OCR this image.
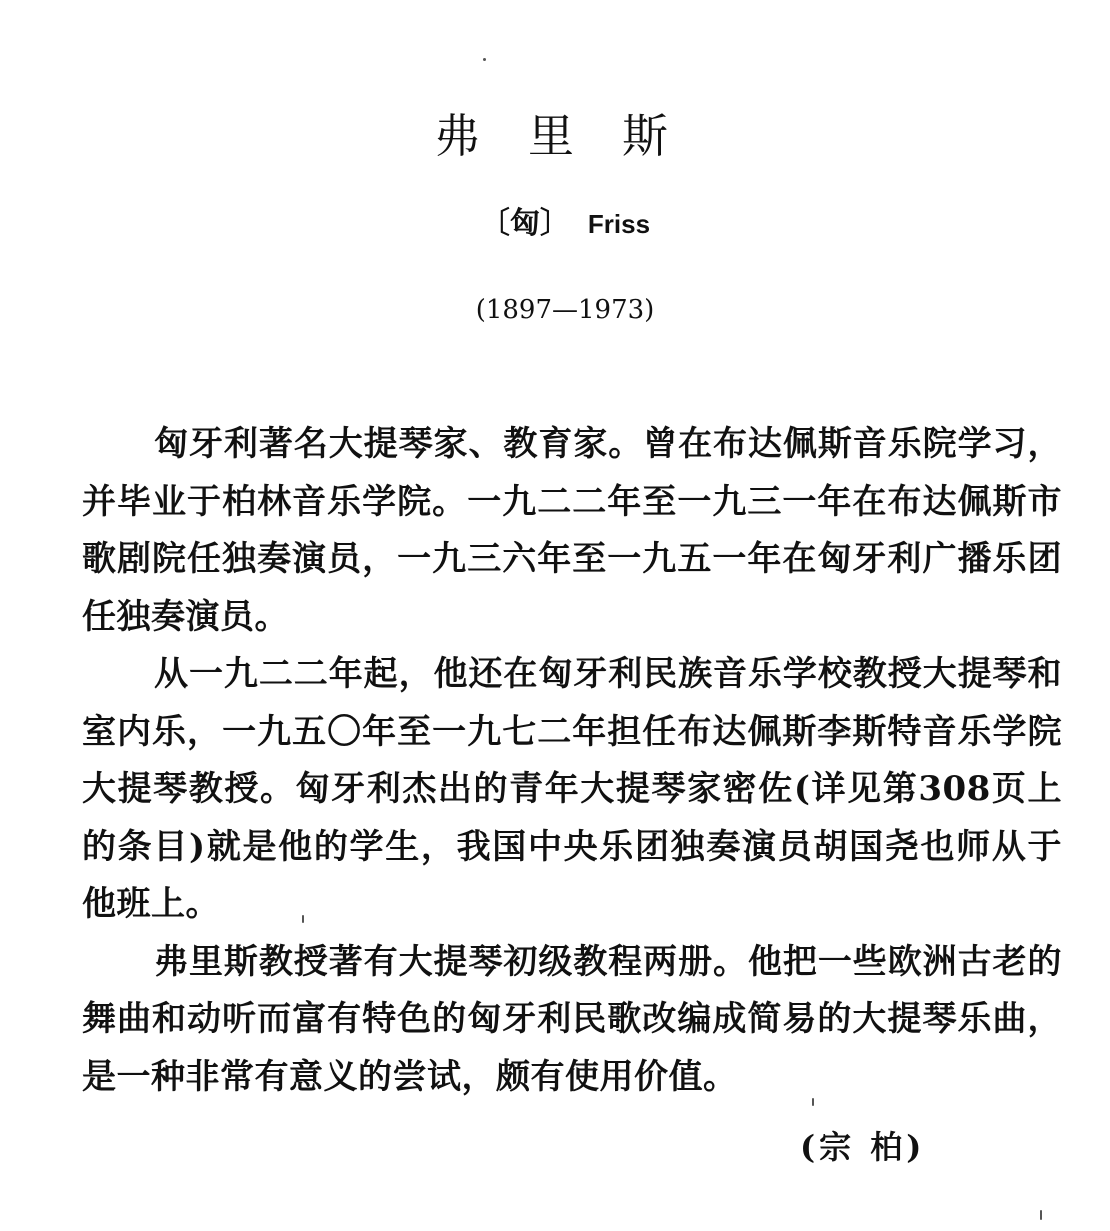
弗里斯
〔匈〕 Friss
(1897—1973)

匈牙利著名大提琴家、教育家。曾在布达佩斯音乐院学习，并毕业于柏林音乐学院。一九二二年至一九三一年在布达佩斯市歌剧院任独奏演员，一九三六年至一九五一年在匈牙利广播乐团任独奏演员。

从一九二二年起，他还在匈牙利民族音乐学校教授大提琴和室内乐，一九五〇年至一九七二年担任布达佩斯李斯特音乐学院大提琴教授。匈牙利杰出的青年大提琴家密佐(详见第308页上的条目)就是他的学生，我国中央乐团独奏演员胡国尧也师从于他班上。

弗里斯教授著有大提琴初级教程两册。他把一些欧洲古老的舞曲和动听而富有特色的匈牙利民歌改编成简易的大提琴乐曲，是一种非常有意义的尝试，颇有使用价值。

(宗 柏)
